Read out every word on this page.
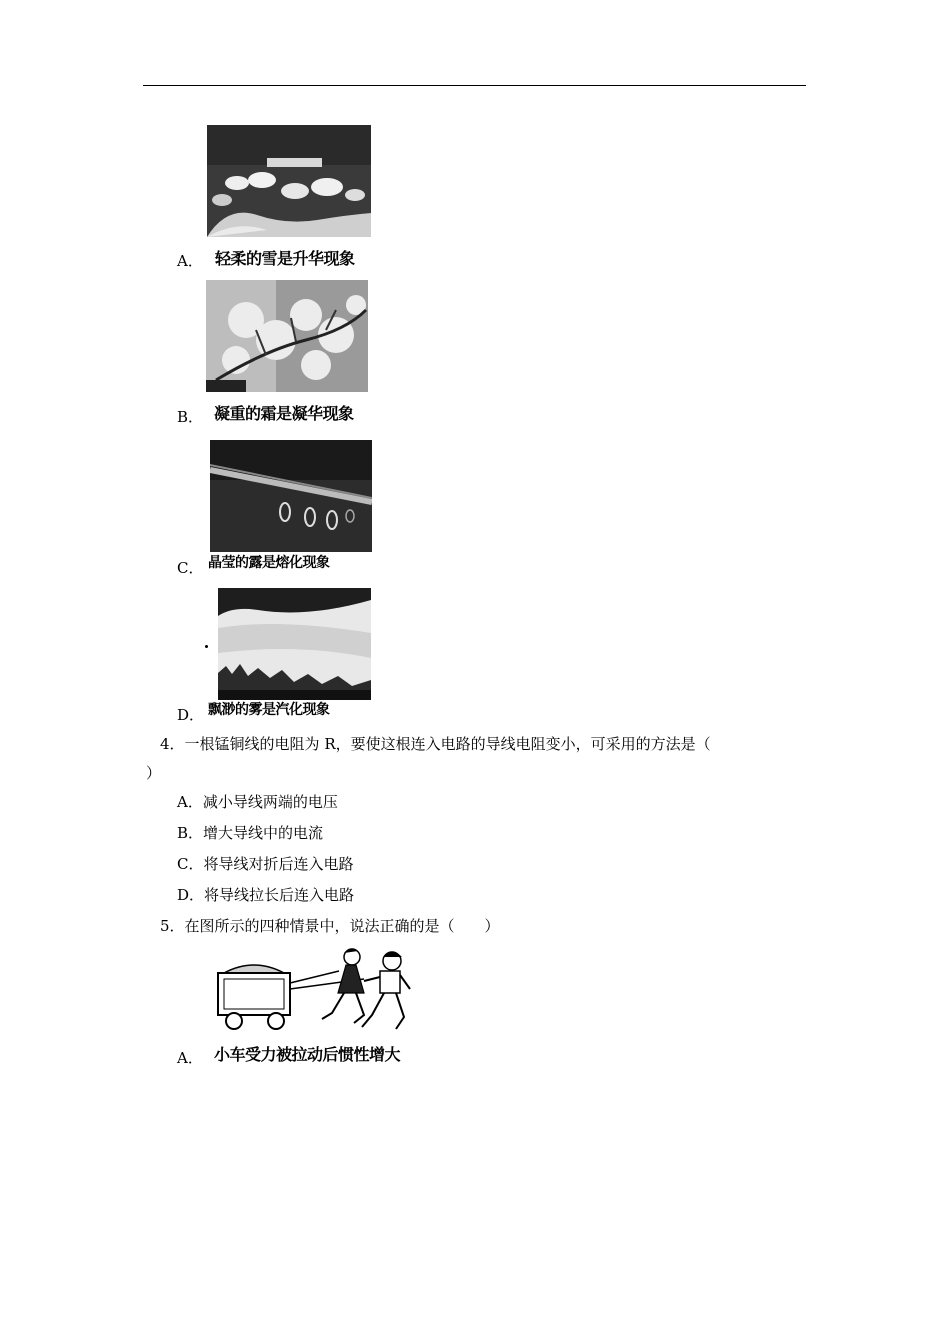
A． 轻柔的雪是升华现象
B． 凝重的霜是凝华现象
C． 晶莹的露是熔化现象
D． 飘渺的雾是汽化现象
4．一根锰铜线的电阻为 R，要使这根连入电路的导线电阻变小，可采用的方法是（
）
A．减小导线两端的电压
B．增大导线中的电流
C．将导线对折后连入电路
D．将导线拉长后连入电路
5．在图所示的四种情景中，说法正确的是（　　）
A． 小车受力被拉动后惯性增大
